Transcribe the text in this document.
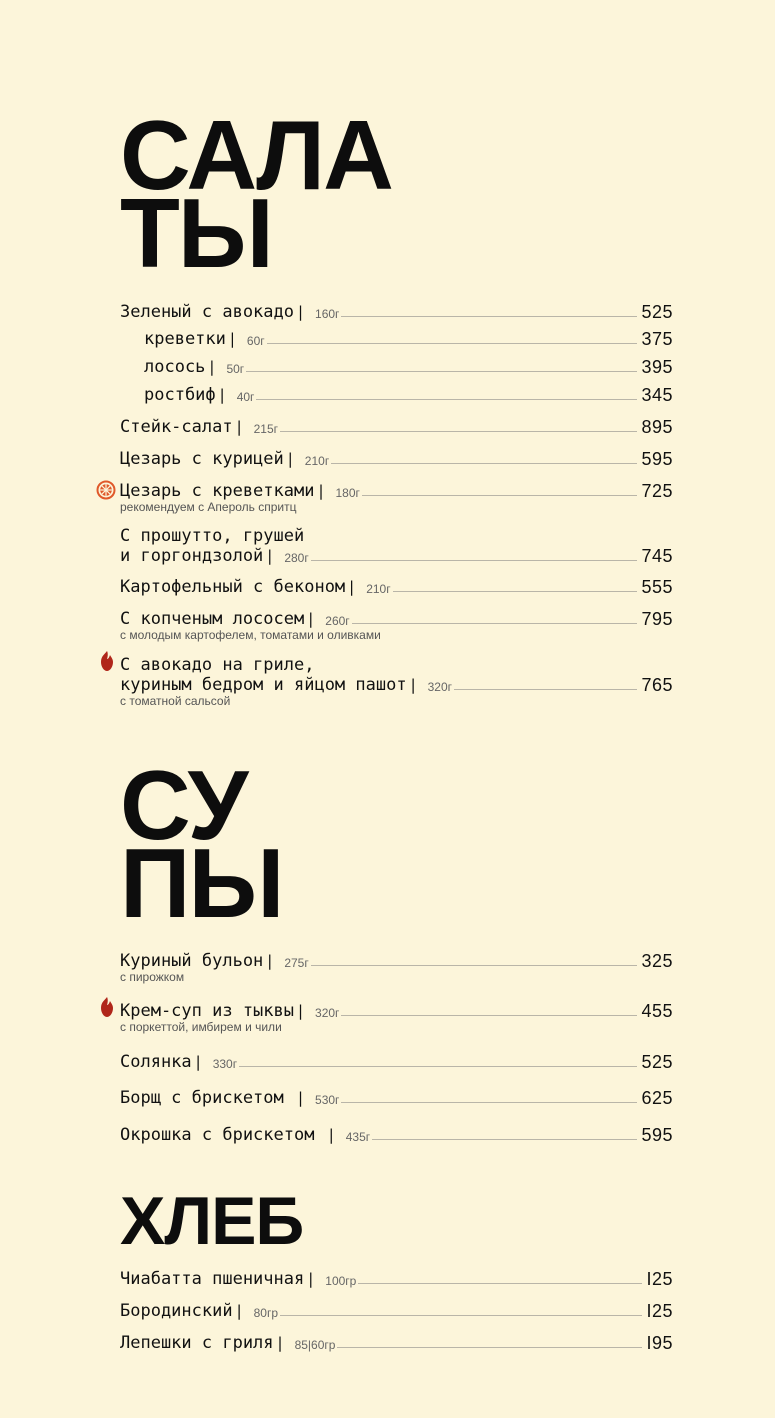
САЛА
ТЫ
Зеленый с авокадо |	160г	525
креветки |	60г	375
лосось |	50г	395
ростбиф |	40г	345
Стейк-салат |	215г	895
Цезарь с курицей |	210г	595
Цезарь с креветками |	180г	725
рекомендуем с Апероль спритц
С прошутто, грушей
и горгондзолой |	280г	745
Картофельный с беконом |	210г	555
С копченым лососем |	260г	795
с молодым картофелем, томатами и оливками
С авокадо на гриле,
куриным бедром и яйцом пашот |	320г	765
с томатной сальсой
СУ
ПЫ
Куриный бульон |	275г	325
с пирожком
Крем-суп из тыквы |	320г	455
с поркеттой, имбирем и чили
Солянка |	330г	525
Борщ с брискетом |	530г	625
Окрошка с брискетом |	435г	595
ХЛЕБ
Чиабатта пшеничная |	100гр	I25
Бородинский |	80гр	I25
Лепешки с гриля |	85|60гр	I95
